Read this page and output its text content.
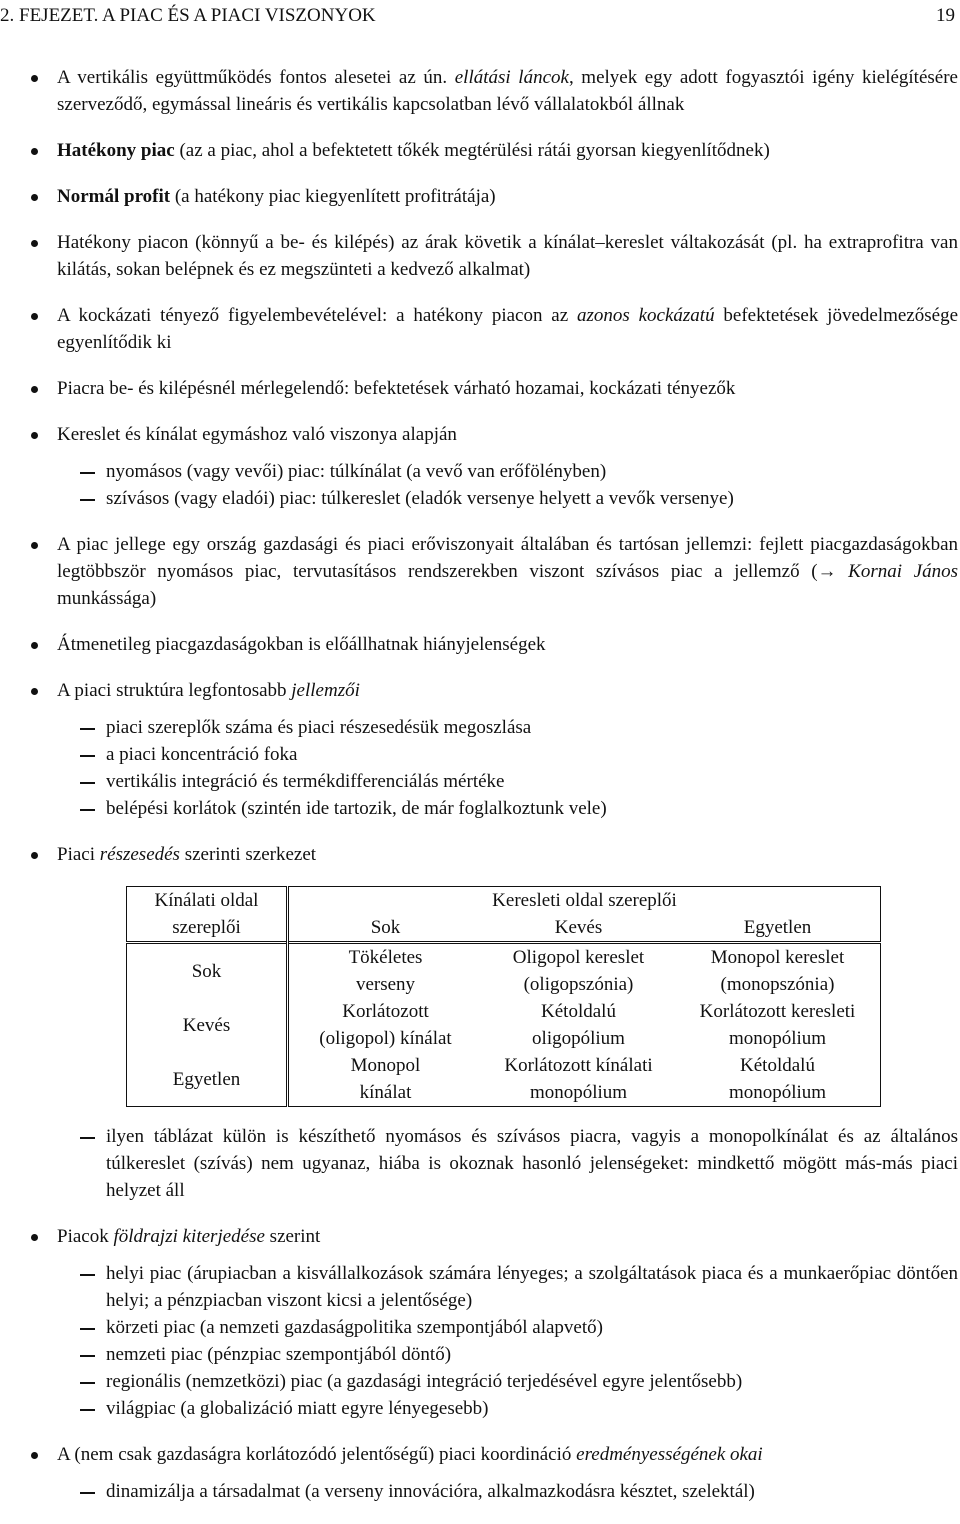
2. FEJEZET. A PIAC ÉS A PIACI VISZONYOK	19
A vertikális együttműködés fontos alesetei az ún. ellátási láncok, melyek egy adott fogyasztói igény kielégítésére szerveződő, egymással lineáris és vertikális kapcsolatban lévő vállalatokból állnak
Hatékony piac (az a piac, ahol a befektetett tőkék megtérülési rátái gyorsan kiegyenlítődnek)
Normál profit (a hatékony piac kiegyenlített profitrátája)
Hatékony piacon (könnyű a be- és kilépés) az árak követik a kínálat–kereslet váltakozását (pl. ha extraprofitra van kilátás, sokan belépnek és ez megszünteti a kedvező alkalmat)
A kockázati tényező figyelembevételével: a hatékony piacon az azonos kockázatú befektetések jövedelmezősége egyenlítődik ki
Piacra be- és kilépésnél mérlegelendő: befektetések várható hozamai, kockázati tényezők
Kereslet és kínálat egymáshoz való viszonya alapján
nyomásos (vagy vevői) piac: túlkínálat (a vevő van erőfölényben)
szívásos (vagy eladói) piac: túlkereslet (eladók versenye helyett a vevők versenye)
A piac jellege egy ország gazdasági és piaci erőviszonyait általában és tartósan jellemzi: fejlett piacgazdaságokban legtöbbször nyomásos piac, tervutasításos rendszerekben viszont szívásos piac a jellemző (→ Kornai János munkássága)
Átmenetileg piacgazdaságokban is előállhatnak hiányjelenségek
A piaci struktúra legfontosabb jellemzői
piaci szereplők száma és piaci részesedésük megoszlása
a piaci koncentráció foka
vertikális integráció és termékdifferenciálás mértéke
belépési korlátok (szintén ide tartozik, de már foglalkoztunk vele)
Piaci részesedés szerinti szerkezet
Kínálati oldal	Keresleti oldal szereplői		
szereplői	Sok	Kevés	Egyetlen
Sok	Tökéletes	Oligopol kereslet	Monopol kereslet
	verseny	(oligopszónia)	(monopszónia)
Kevés	Korlátozott	Kétoldalú	Korlátozott keresleti
	(oligopol) kínálat	oligopólium	monopólium
Egyetlen	Monopol	Korlátozott kínálati	Kétoldalú
	kínálat	monopólium	monopólium
ilyen táblázat külön is készíthető nyomásos és szívásos piacra, vagyis a monopolkínálat és az általános túlkereslet (szívás) nem ugyanaz, hiába is okoznak hasonló jelenségeket: mindkettő mögött más-más piaci helyzet áll
Piacok földrajzi kiterjedése szerint
helyi piac (árupiacban a kisvállalkozások számára lényeges; a szolgáltatások piaca és a munkaerőpiac döntően helyi; a pénzpiacban viszont kicsi a jelentősége)
körzeti piac (a nemzeti gazdaságpolitika szempontjából alapvető)
nemzeti piac (pénzpiac szempontjából döntő)
regionális (nemzetközi) piac (a gazdasági integráció terjedésével egyre jelentősebb)
világpiac (a globalizáció miatt egyre lényegesebb)
A (nem csak gazdaságra korlátozódó jelentőségű) piaci koordináció eredményességének okai
dinamizálja a társadalmat (a verseny innovációra, alkalmazkodásra késztet, szelektál)
